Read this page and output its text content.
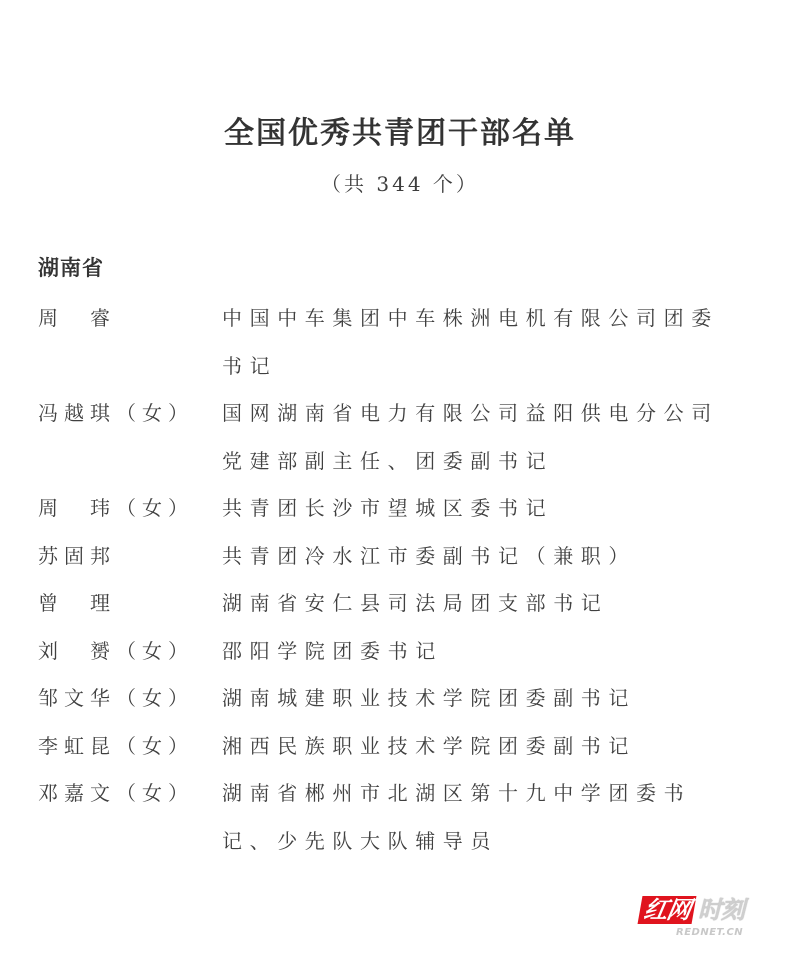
全国优秀共青团干部名单
（共 344 个）
湖南省
周　睿	中国中车集团中车株洲电机有限公司团委书记
冯越琪（女）	国网湖南省电力有限公司益阳供电分公司党建部副主任、团委副书记
周　玮（女）	共青团长沙市望城区委书记
苏固邦	共青团冷水江市委副书记（兼职）
曾　理	湖南省安仁县司法局团支部书记
刘　赟（女）	邵阳学院团委书记
邹文华（女）	湖南城建职业技术学院团委副书记
李虹昆（女）	湘西民族职业技术学院团委副书记
邓嘉文（女）	湖南省郴州市北湖区第十九中学团委书记、少先队大队辅导员
红网 时刻
REDNET.CN
